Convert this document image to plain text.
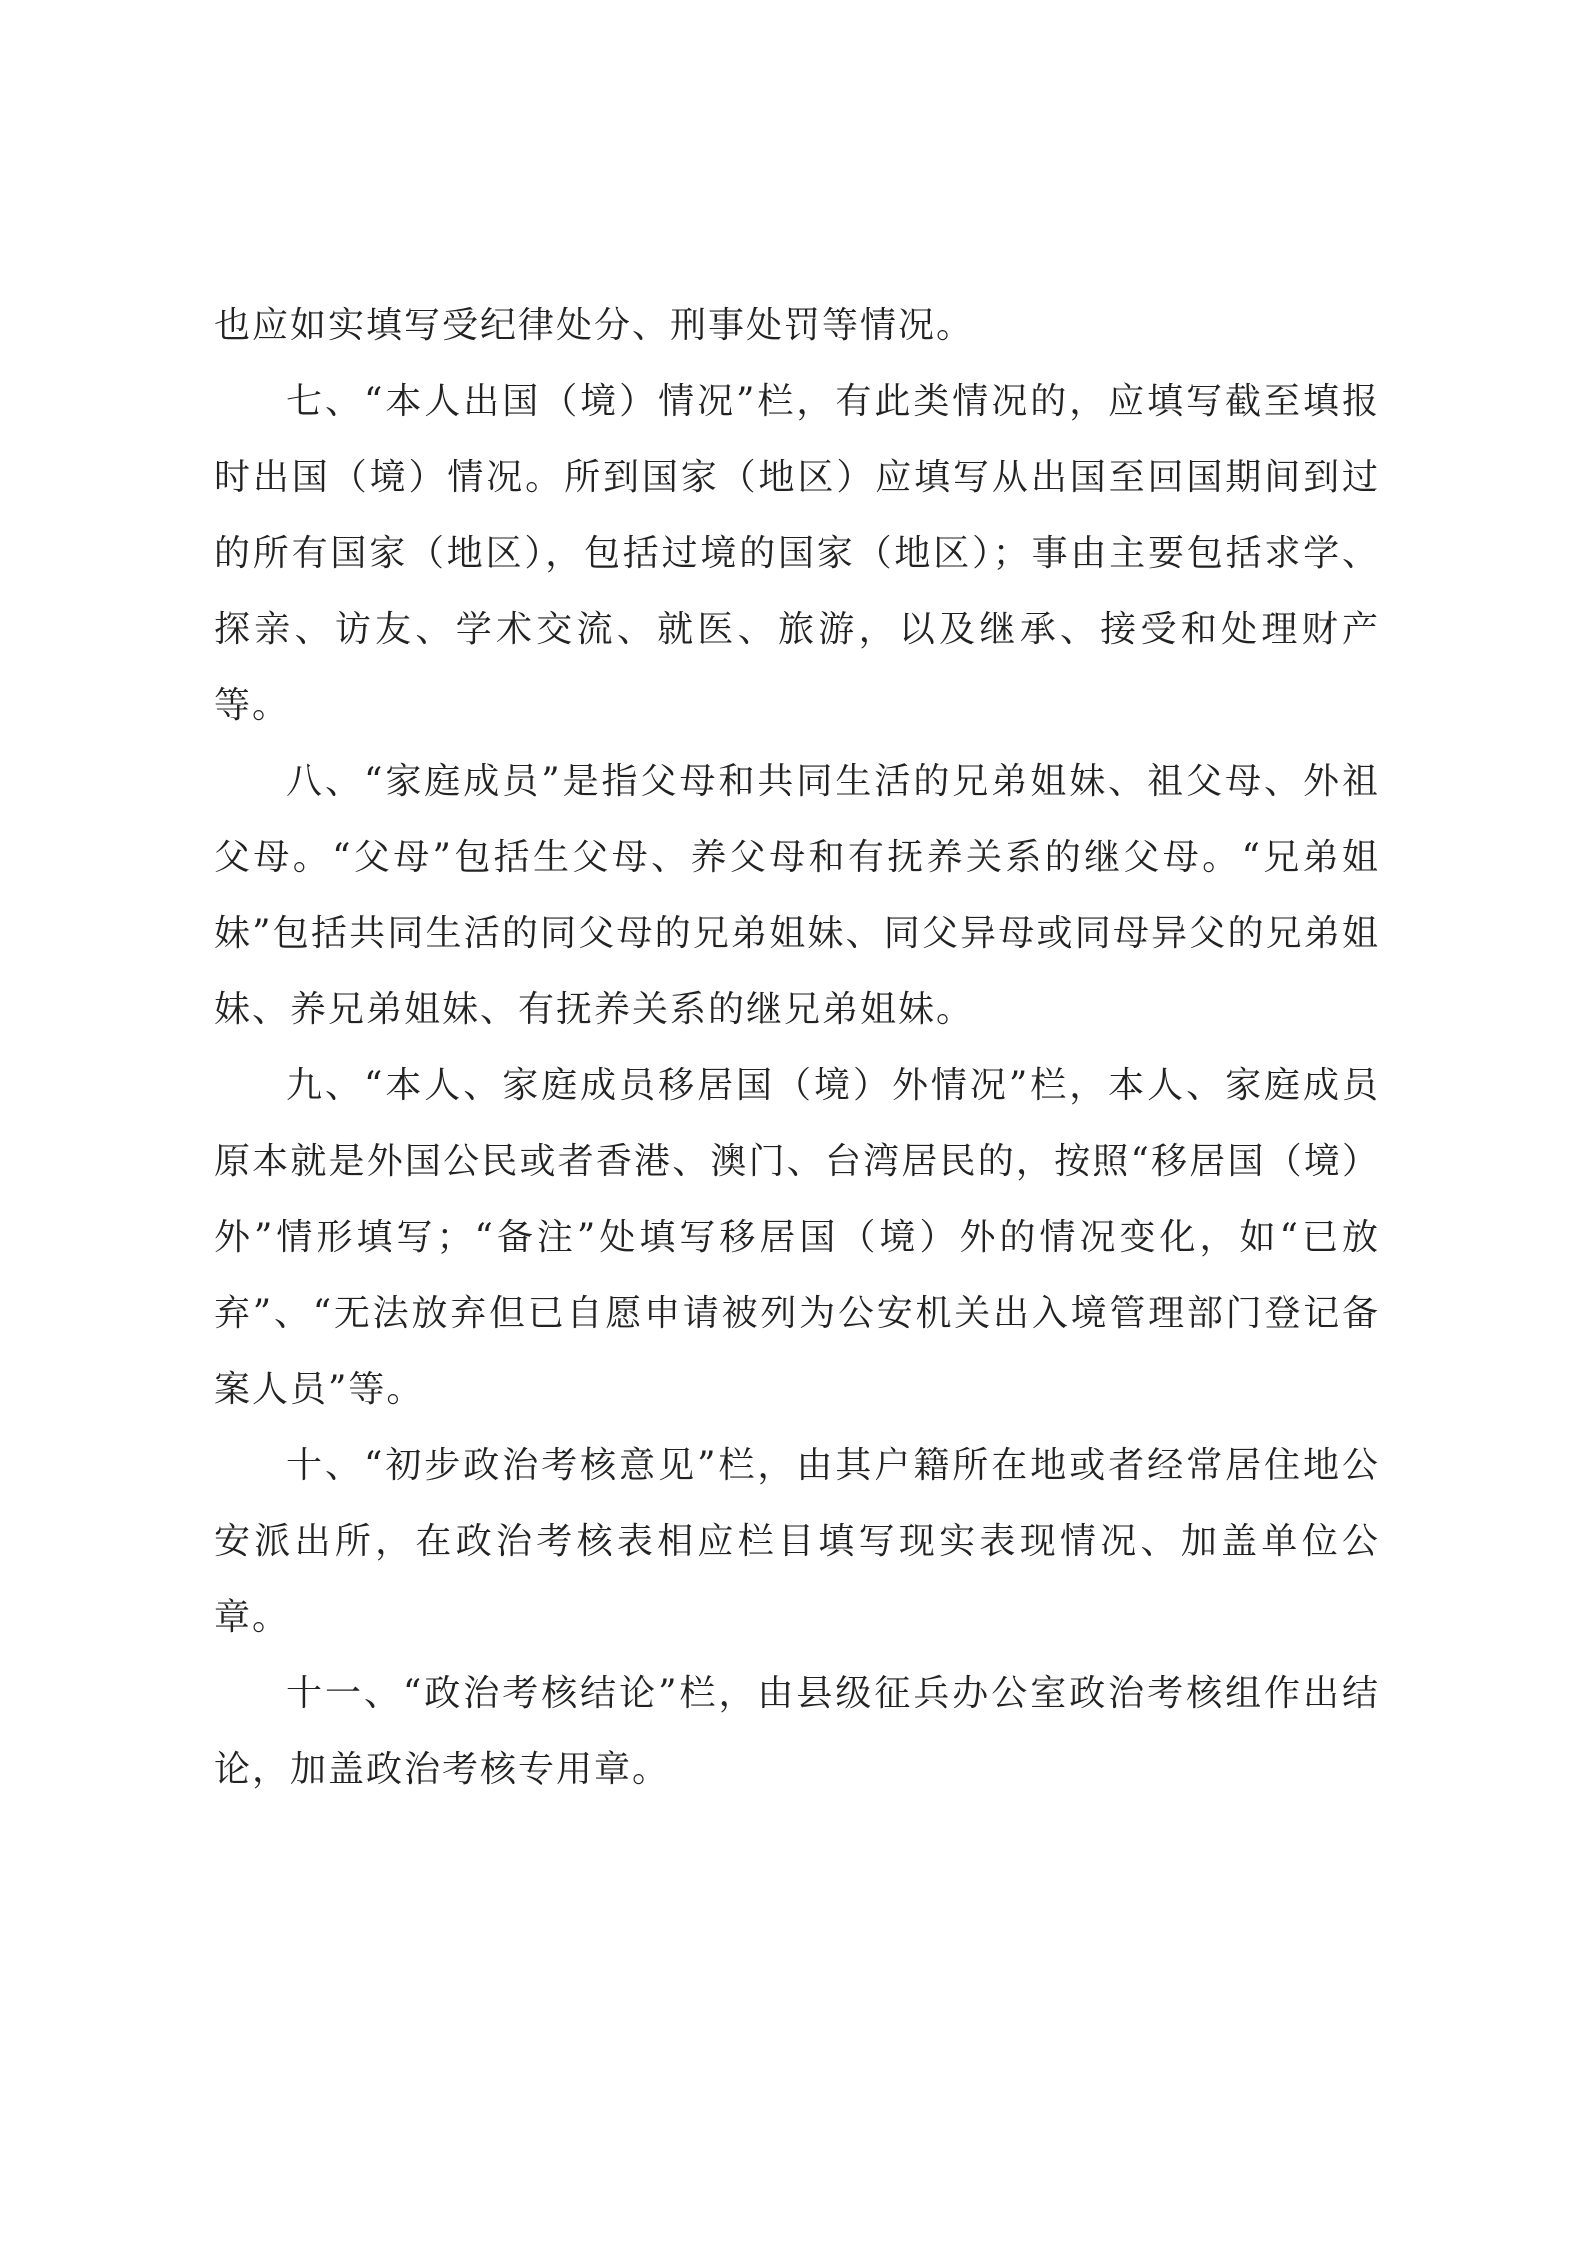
也应如实填写受纪律处分、刑事处罚等情况。

七、“本人出国（境）情况”栏，有此类情况的，应填写截至填报时出国（境）情况。所到国家（地区）应填写从出国至回国期间到过的所有国家（地区），包括过境的国家（地区）；事由主要包括求学、探亲、访友、学术交流、就医、旅游，以及继承、接受和处理财产等。

八、“家庭成员”是指父母和共同生活的兄弟姐妹、祖父母、外祖父母。“父母”包括生父母、养父母和有抚养关系的继父母。“兄弟姐妹”包括共同生活的同父母的兄弟姐妹、同父异母或同母异父的兄弟姐妹、养兄弟姐妹、有抚养关系的继兄弟姐妹。

九、“本人、家庭成员移居国（境）外情况”栏，本人、家庭成员原本就是外国公民或者香港、澳门、台湾居民的，按照“移居国（境）外”情形填写；“备注”处填写移居国（境）外的情况变化，如“已放弃”、“无法放弃但已自愿申请被列为公安机关出入境管理部门登记备案人员”等。

十、“初步政治考核意见”栏，由其户籍所在地或者经常居住地公安派出所，在政治考核表相应栏目填写现实表现情况、加盖单位公章。

十一、“政治考核结论”栏，由县级征兵办公室政治考核组作出结论，加盖政治考核专用章。
